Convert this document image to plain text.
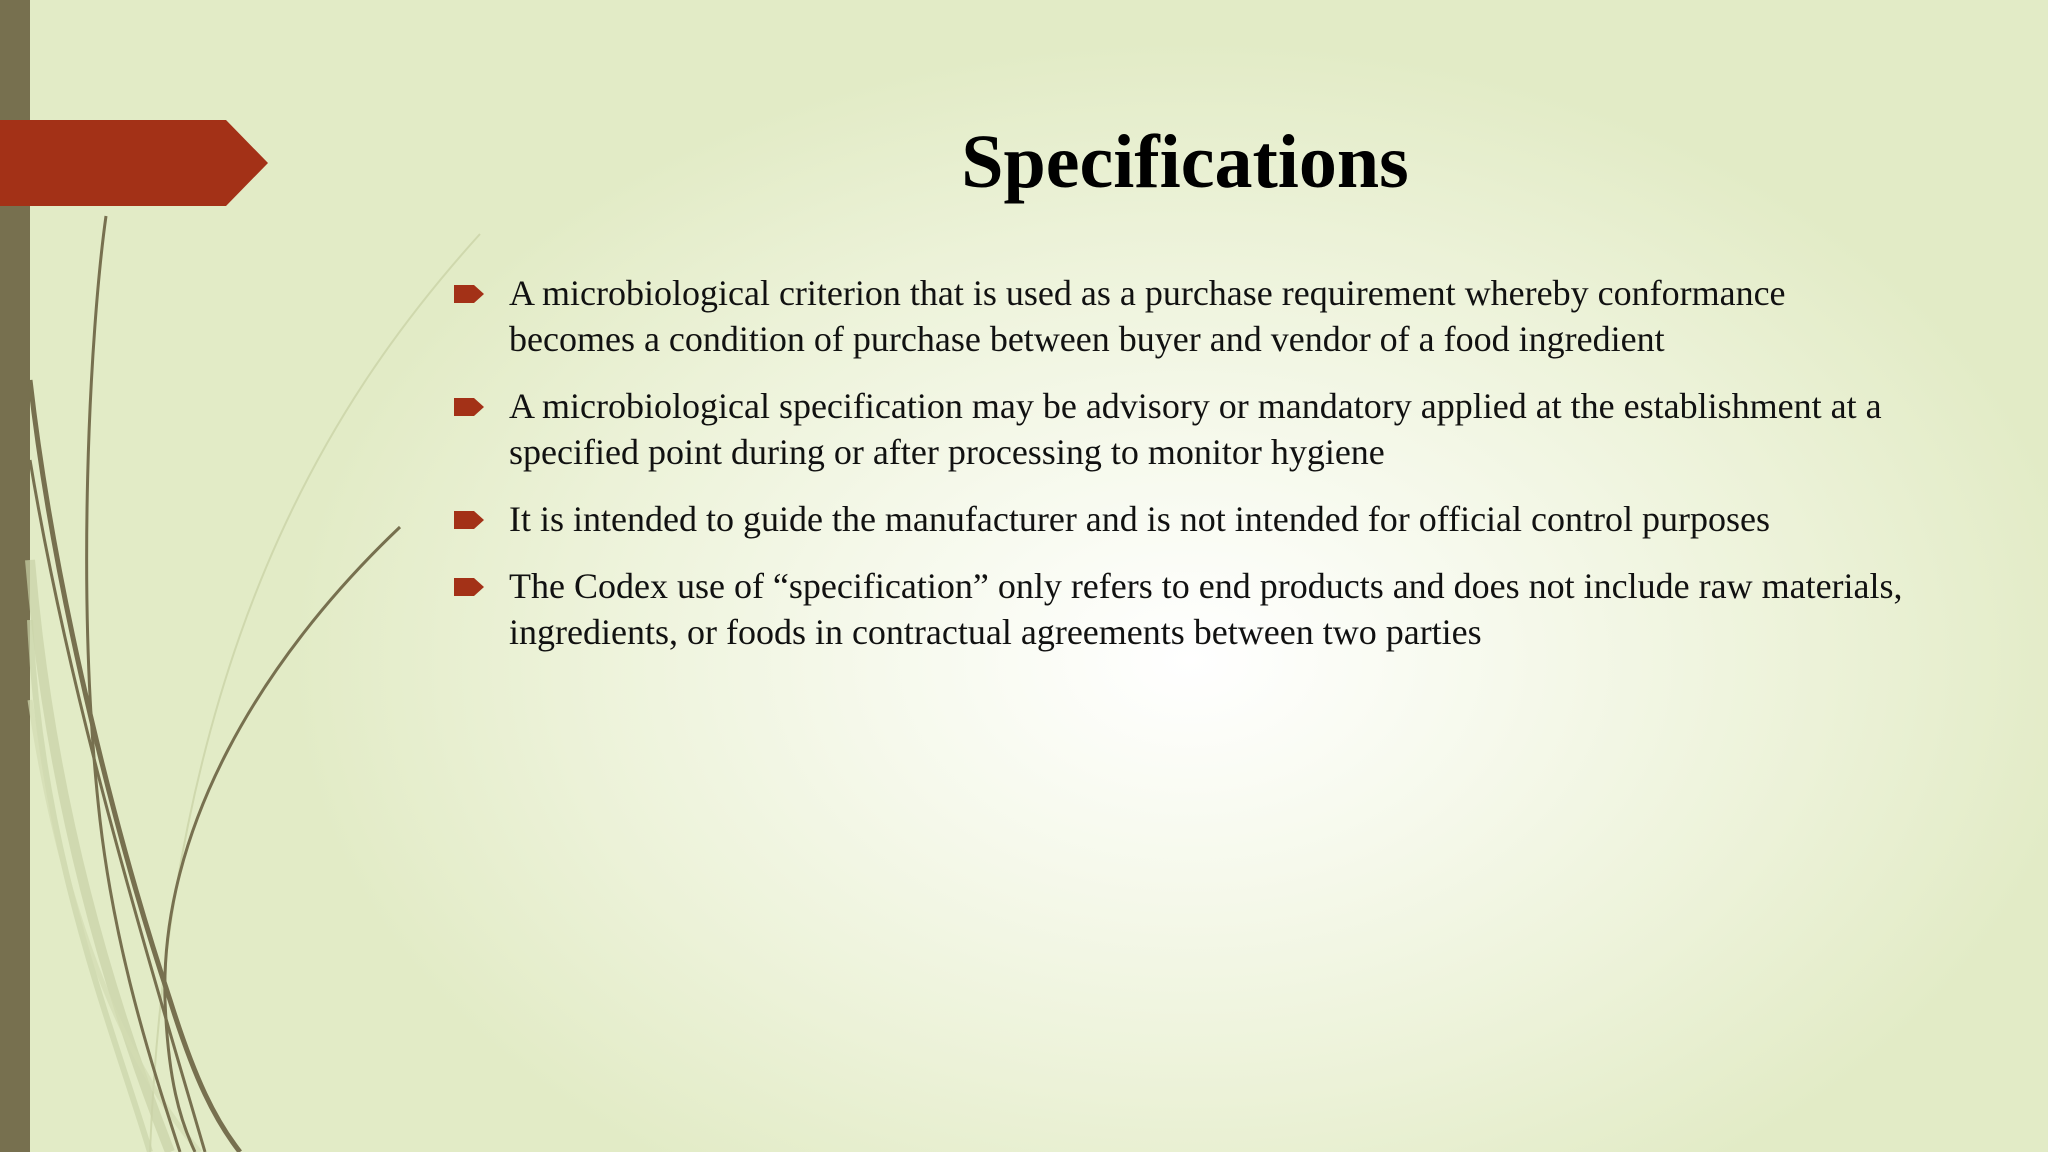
Specifications
A microbiological criterion that is used as a purchase requirement whereby conformance becomes a condition of purchase between buyer and vendor of a food ingredient
A microbiological specification may be advisory or mandatory applied at the establishment at a specified point during or after processing to monitor hygiene
It is intended to guide the manufacturer and is not intended for official control purposes
The Codex use of “specification” only refers to end products and does not include raw materials, ingredients, or foods in contractual agreements between two parties
